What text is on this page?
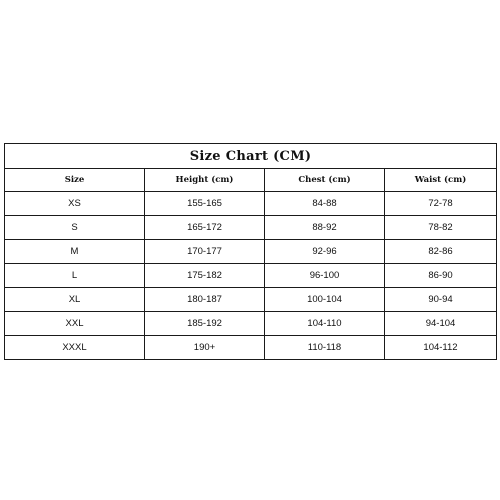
Size Chart (CM)			
Size	Height (cm)	Chest (cm)	Waist (cm)
XS	155-165	84-88	72-78
S	165-172	88-92	78-82
M	170-177	92-96	82-86
L	175-182	96-100	86-90
XL	180-187	100-104	90-94
XXL	185-192	104-110	94-104
XXXL	190+	110-118	104-112
